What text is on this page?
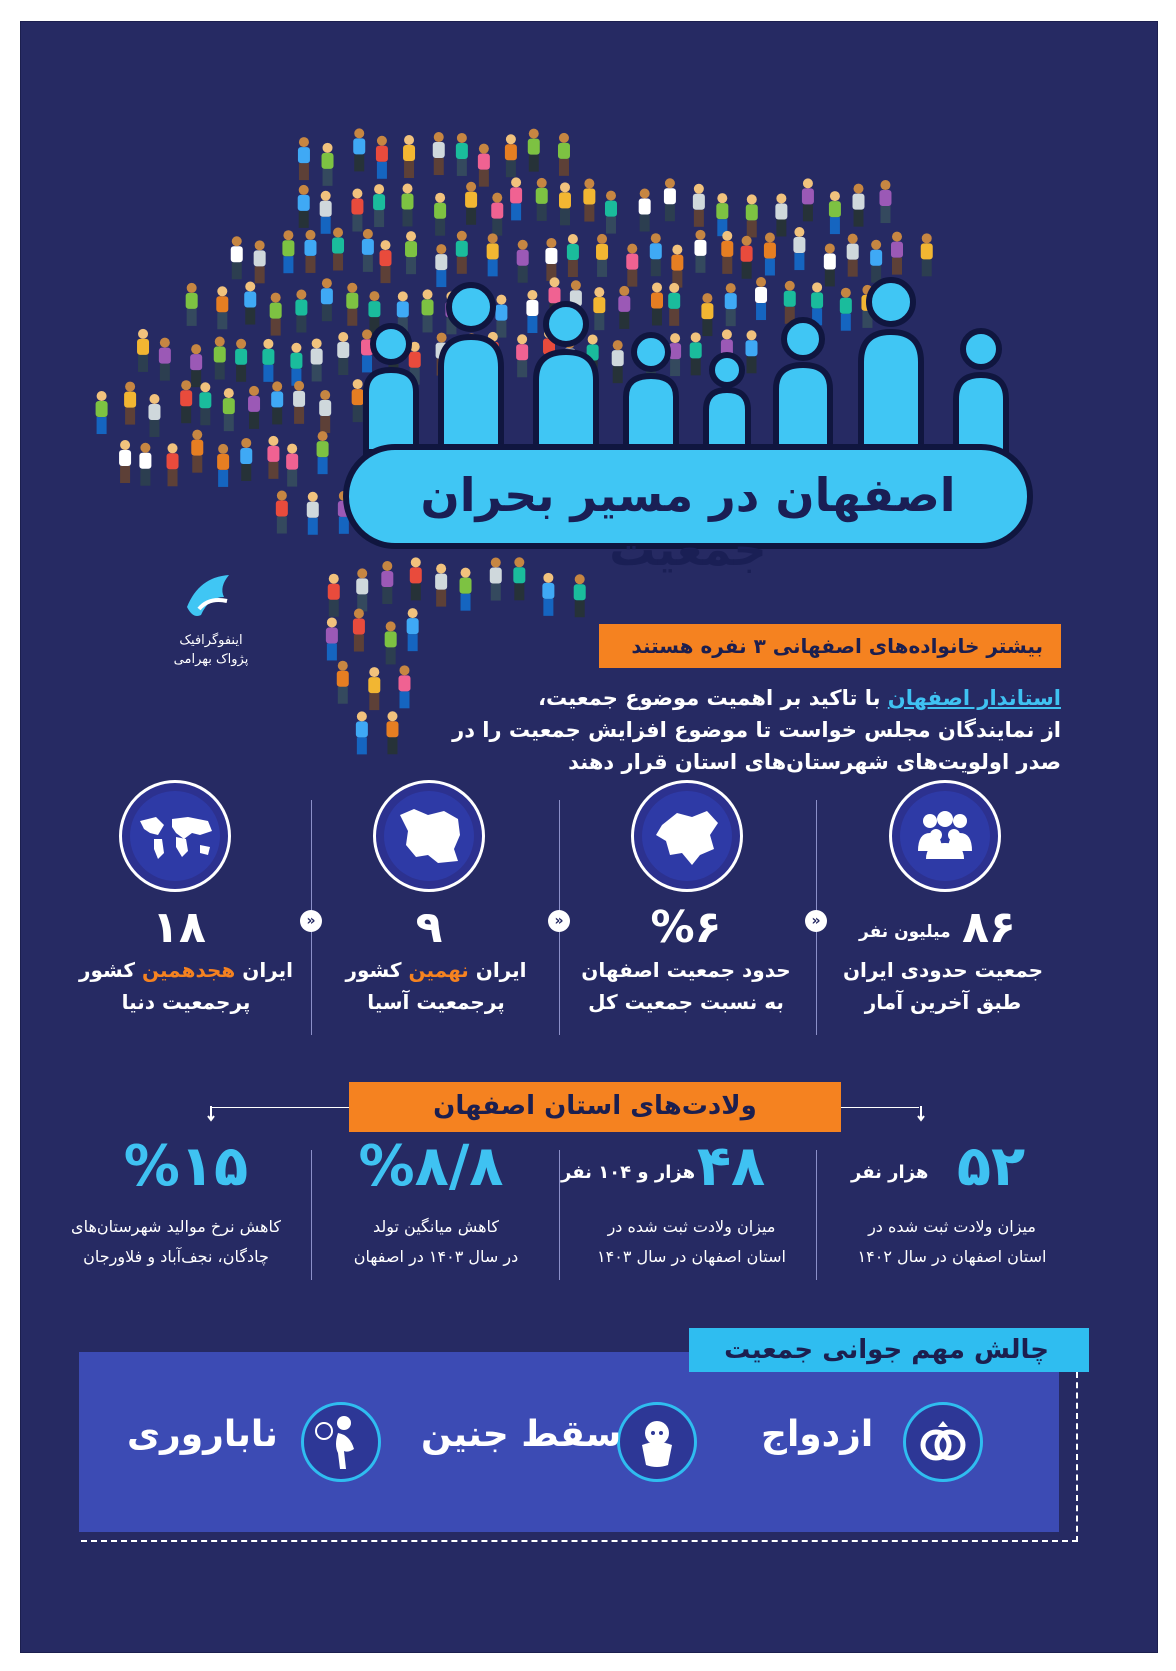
اصفهان در مسیر بحران جمعیت
اینفوگرافیک
پژواک بهرامی
بیشتر خانواده‌های اصفهانی ۳ نفره هستند
استاندار اصفهان با تاکید بر اهمیت موضوع جمعیت،
از نمایندگان مجلس خواست تا موضوع افزایش جمعیت را در
صدر اولویت‌های شهرستان‌های استان قرار دهند
»
»
»	۸۶
میلیون نفر
جمعیت حدودی ایران
طبق آخرین آمار
%۶
حدود جمعیت اصفهان
به نسبت جمعیت کل
۹
ایران نهمین کشور
پرجمعیت آسیا
۱۸
ایران هجدهمین کشور
پرجمعیت دنیا
ولادت‌های استان اصفهان
۵۲
هزار نفر
میزان ولادت ثبت شده در
استان اصفهان در سال ۱۴۰۲
۴۸
هزار و ۱۰۴ نفر
میزان ولادت ثبت شده در
استان اصفهان در سال ۱۴۰۳
%۸/۸
کاهش میانگین تولد
در سال ۱۴۰۳ در اصفهان
%۱۵
کاهش نرخ موالید شهرستان‌های
چادگان، نجف‌آباد و فلاورجان
چالش مهم جوانی جمعیت
ازدواج
سقط جنین
ناباروری
